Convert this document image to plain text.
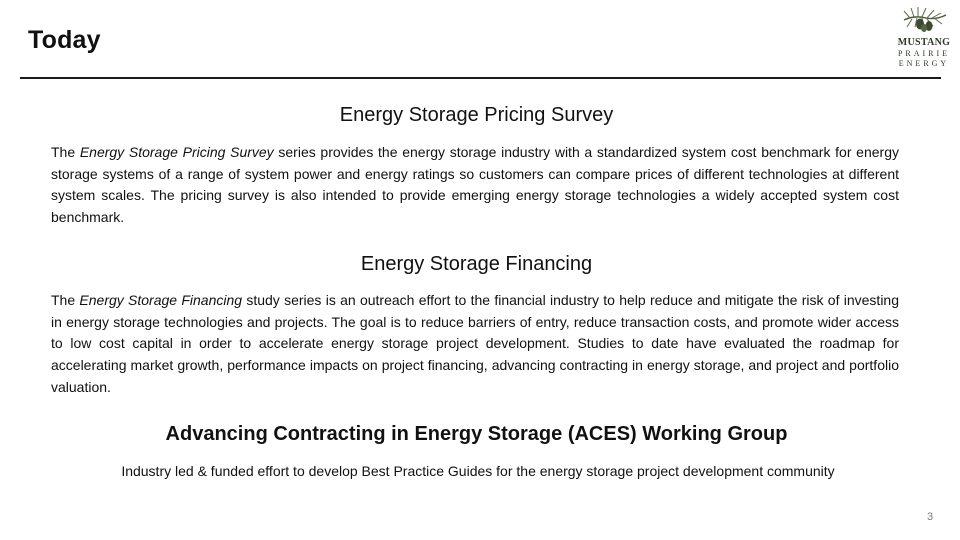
Today	MUSTANG
PRAIRIE
ENERGY
Energy Storage Pricing Survey
The Energy Storage Pricing Survey series provides the energy storage industry with a standardized system cost benchmark for energy storage systems of a range of system power and energy ratings so customers can compare prices of different technologies at different system scales. The pricing survey is also intended to provide emerging energy storage technologies a widely accepted system cost benchmark.
Energy Storage Financing
The Energy Storage Financing study series is an outreach effort to the financial industry to help reduce and mitigate the risk of investing in energy storage technologies and projects. The goal is to reduce barriers of entry, reduce transaction costs, and promote wider access to low cost capital in order to accelerate energy storage project development. Studies to date have evaluated the roadmap for accelerating market growth, performance impacts on project financing, advancing contracting in energy storage, and project and portfolio valuation.
Advancing Contracting in Energy Storage (ACES) Working Group
Industry led & funded effort to develop Best Practice Guides for the energy storage project development community
3
